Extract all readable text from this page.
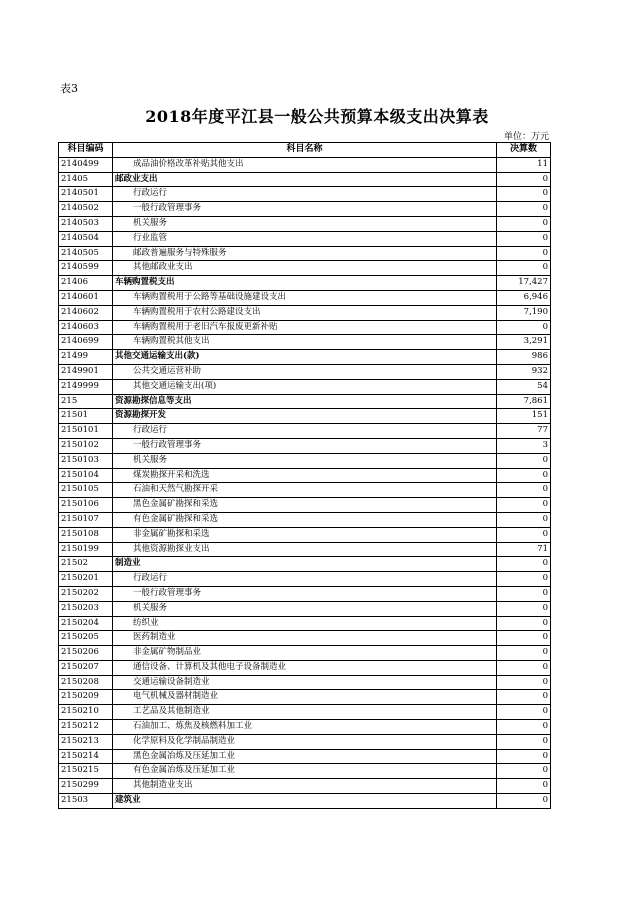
表3
2018年度平江县一般公共预算本级支出决算表
单位：万元
科目编码	科目名称	决算数
2140499	成品油价格改革补贴其他支出	11
21405	邮政业支出	0
2140501	行政运行	0
2140502	一般行政管理事务	0
2140503	机关服务	0
2140504	行业监管	0
2140505	邮政普遍服务与特殊服务	0
2140599	其他邮政业支出	0
21406	车辆购置税支出	17,427
2140601	车辆购置税用于公路等基础设施建设支出	6,946
2140602	车辆购置税用于农村公路建设支出	7,190
2140603	车辆购置税用于老旧汽车报废更新补贴	0
2140699	车辆购置税其他支出	3,291
21499	其他交通运输支出(款)	986
2149901	公共交通运营补助	932
2149999	其他交通运输支出(项)	54
215	资源勘探信息等支出	7,861
21501	资源勘探开发	151
2150101	行政运行	77
2150102	一般行政管理事务	3
2150103	机关服务	0
2150104	煤炭勘探开采和洗选	0
2150105	石油和天然气勘探开采	0
2150106	黑色金属矿勘探和采选	0
2150107	有色金属矿勘探和采选	0
2150108	非金属矿勘探和采选	0
2150199	其他资源勘探业支出	71
21502	制造业	0
2150201	行政运行	0
2150202	一般行政管理事务	0
2150203	机关服务	0
2150204	纺织业	0
2150205	医药制造业	0
2150206	非金属矿物制品业	0
2150207	通信设备、计算机及其他电子设备制造业	0
2150208	交通运输设备制造业	0
2150209	电气机械及器材制造业	0
2150210	工艺品及其他制造业	0
2150212	石油加工、炼焦及核燃料加工业	0
2150213	化学原料及化学制品制造业	0
2150214	黑色金属冶炼及压延加工业	0
2150215	有色金属冶炼及压延加工业	0
2150299	其他制造业支出	0
21503	建筑业	0
